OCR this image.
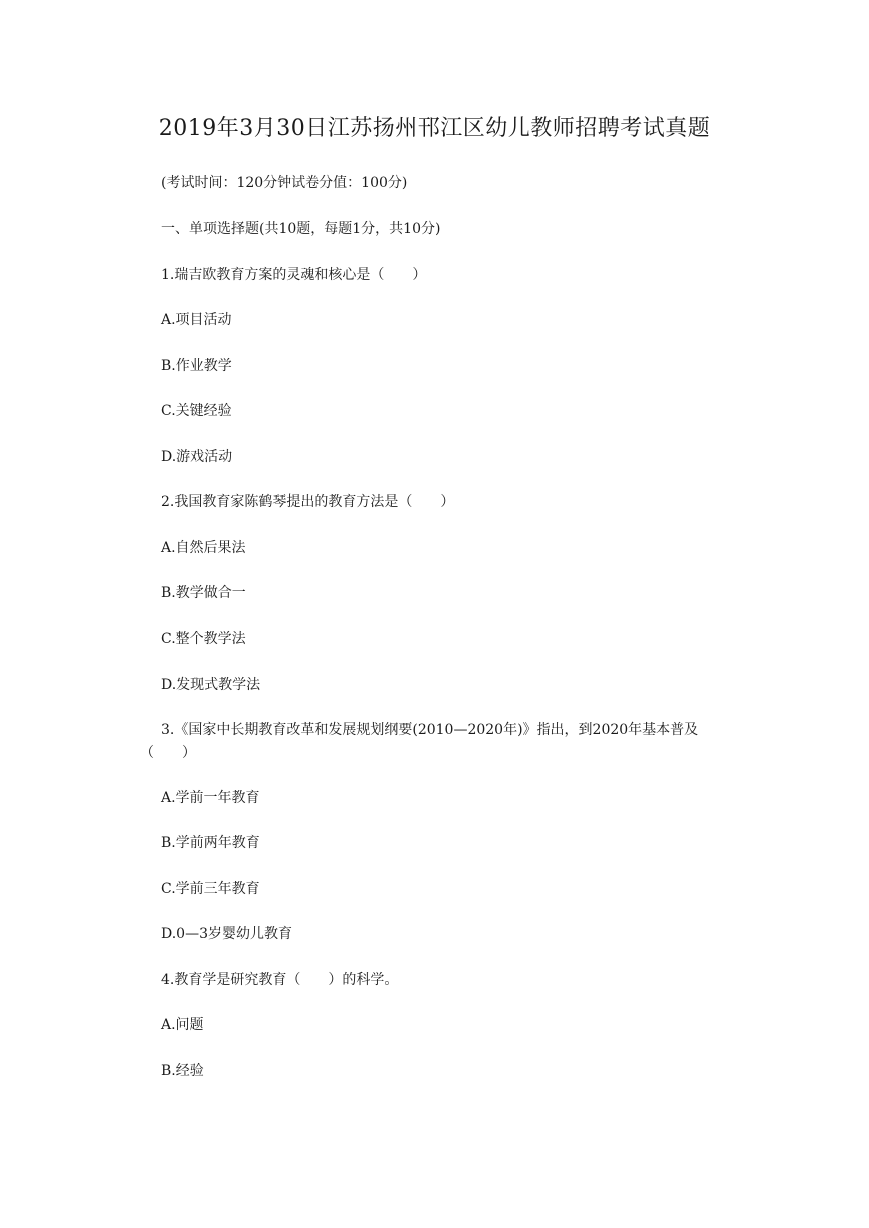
2019年3月30日江苏扬州邗江区幼儿教师招聘考试真题
(考试时间：120分钟试卷分值：100分)
一、单项选择题(共10题，每题1分，共10分)
1.瑞吉欧教育方案的灵魂和核心是（　　）
A.项目活动
B.作业教学
C.关键经验
D.游戏活动
2.我国教育家陈鹤琴提出的教育方法是（　　）
A.自然后果法
B.教学做合一
C.整个教学法
D.发现式教学法
3.《国家中长期教育改革和发展规划纲要(2010—2020年)》指出，到2020年基本普及（　　）
A.学前一年教育
B.学前两年教育
C.学前三年教育
D.0—3岁婴幼儿教育
4.教育学是研究教育（　　）的科学。
A.问题
B.经验
